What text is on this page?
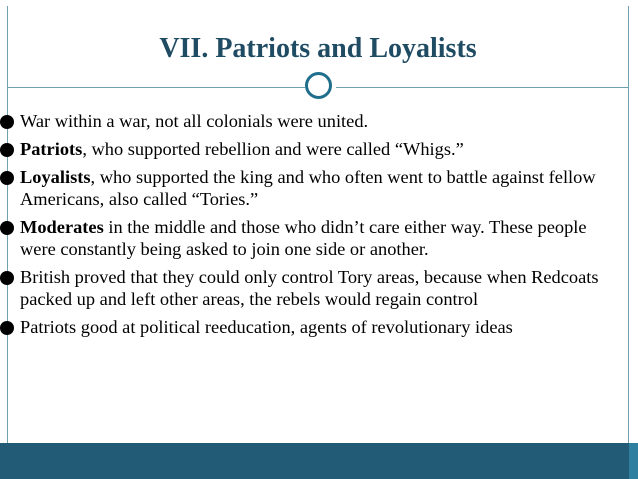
VII. Patriots and Loyalists
War within a war, not all colonials were united.
Patriots, who supported rebellion and were called “Whigs.”
Loyalists, who supported the king and who often went to battle against fellow Americans, also called “Tories.”
Moderates in the middle and those who didn’t care either way. These people were constantly being asked to join one side or another.
British proved that they could only control Tory areas, because when Redcoats packed up and left other areas, the rebels would regain control
Patriots good at political reeducation, agents of revolutionary ideas
